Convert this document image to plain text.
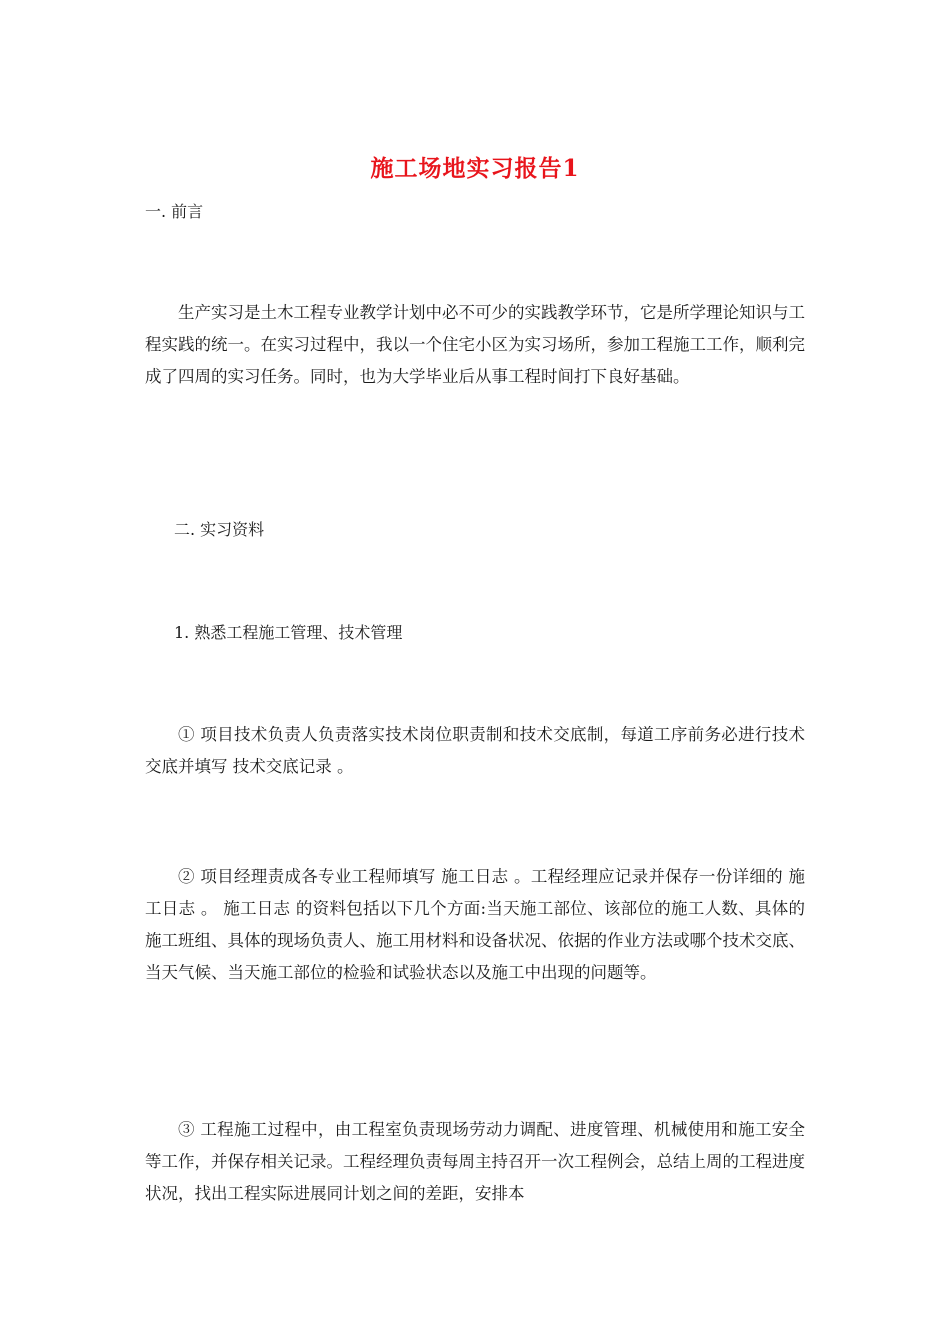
施工场地实习报告1

一. 前言

生产实习是土木工程专业教学计划中必不可少的实践教学环节，它是所学理论知识与工程实践的统一。在实习过程中，我以一个住宅小区为实习场所，参加工程施工工作，顺利完成了四周的实习任务。同时，也为大学毕业后从事工程时间打下良好基础。

二. 实习资料

1. 熟悉工程施工管理、技术管理

① 项目技术负责人负责落实技术岗位职责制和技术交底制，每道工序前务必进行技术交底并填写 技术交底记录 。

② 项目经理责成各专业工程师填写 施工日志 。工程经理应记录并保存一份详细的 施工日志 。 施工日志 的资料包括以下几个方面:当天施工部位、该部位的施工人数、具体的施工班组、具体的现场负责人、施工用材料和设备状况、依据的作业方法或哪个技术交底、当天气候、当天施工部位的检验和试验状态以及施工中出现的问题等。

③ 工程施工过程中，由工程室负责现场劳动力调配、进度管理、机械使用和施工安全等工作，并保存相关记录。工程经理负责每周主持召开一次工程例会，总结上周的工程进度状况，找出工程实际进展同计划之间的差距，安排本
